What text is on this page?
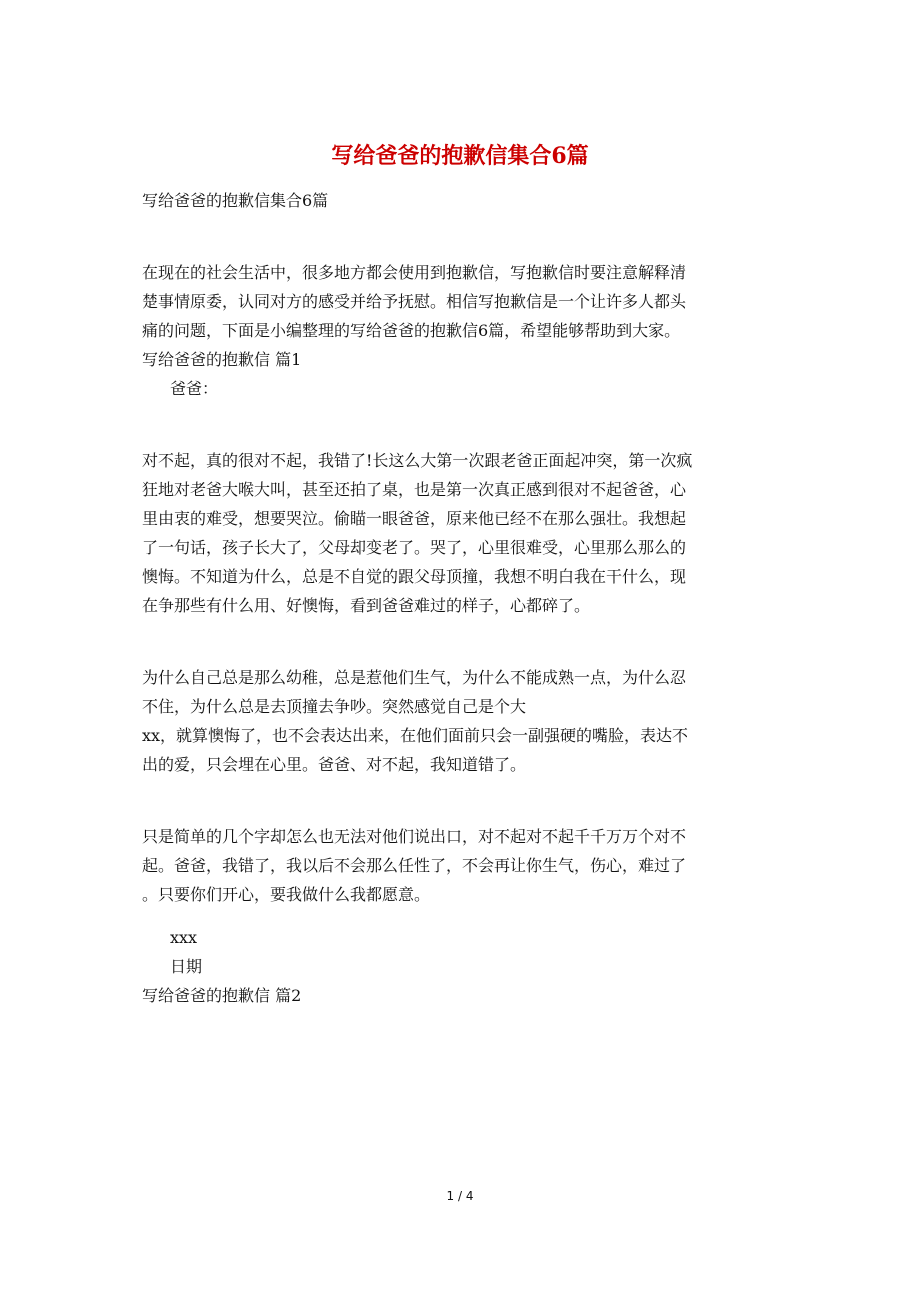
写给爸爸的抱歉信集合6篇
写给爸爸的抱歉信集合6篇
在现在的社会生活中，很多地方都会使用到抱歉信，写抱歉信时要注意解释清
楚事情原委，认同对方的感受并给予抚慰。相信写抱歉信是一个让许多人都头
痛的问题，下面是小编整理的写给爸爸的抱歉信6篇，希望能够帮助到大家。
写给爸爸的抱歉信 篇1
爸爸：
对不起，真的很对不起，我错了!长这么大第一次跟老爸正面起冲突，第一次疯
狂地对老爸大喉大叫，甚至还拍了桌，也是第一次真正感到很对不起爸爸，心
里由衷的难受，想要哭泣。偷瞄一眼爸爸，原来他已经不在那么强壮。我想起
了一句话，孩子长大了，父母却变老了。哭了，心里很难受，心里那么那么的
懊悔。不知道为什么，总是不自觉的跟父母顶撞，我想不明白我在干什么，现
在争那些有什么用、好懊悔，看到爸爸难过的样子，心都碎了。
为什么自己总是那么幼稚，总是惹他们生气，为什么不能成熟一点，为什么忍
不住，为什么总是去顶撞去争吵。突然感觉自己是个大
xx，就算懊悔了，也不会表达出来，在他们面前只会一副强硬的嘴脸，表达不
出的爱，只会埋在心里。爸爸、对不起，我知道错了。
只是简单的几个字却怎么也无法对他们说出口，对不起对不起千千万万个对不
起。爸爸，我错了，我以后不会那么任性了，不会再让你生气，伤心，难过了
。只要你们开心，要我做什么我都愿意。
xxx
日期
写给爸爸的抱歉信 篇2
1 / 4
